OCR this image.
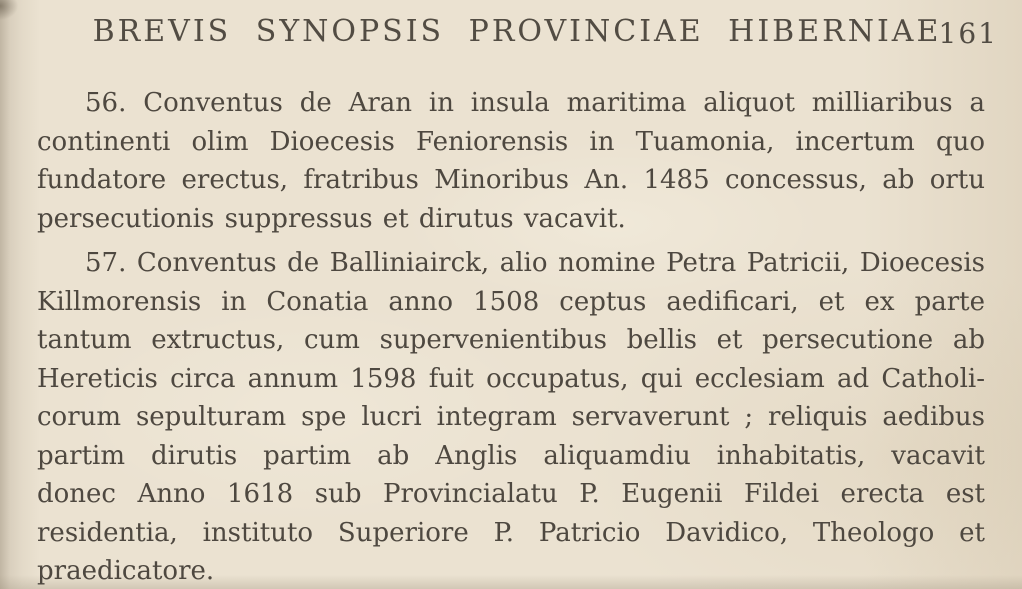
BREVIS SYNOPSIS PROVINCIAE HIBERNIAE
161
56. Conventus de Aran in insula maritima aliquot milliaribus a
continenti olim Dioecesis Feniorensis in Tuamonia, incertum quo
fundatore erectus, fratribus Minoribus An. 1485 concessus, ab ortu
persecutionis suppressus et dirutus vacavit.
57. Conventus de Balliniairck, alio nomine Petra Patricii, Dioecesis
Killmorensis in Conatia anno 1508 ceptus aedificari, et ex parte
tantum extructus, cum supervenientibus bellis et persecutione ab
Hereticis circa annum 1598 fuit occupatus, qui ecclesiam ad Catholi-
corum sepulturam spe lucri integram servaverunt ; reliquis aedibus
partim dirutis partim ab Anglis aliquamdiu inhabitatis, vacavit
donec Anno 1618 sub Provincialatu P. Eugenii Fildei erecta est
residentia, instituto Superiore P. Patricio Davidico, Theologo et
praedicatore.
